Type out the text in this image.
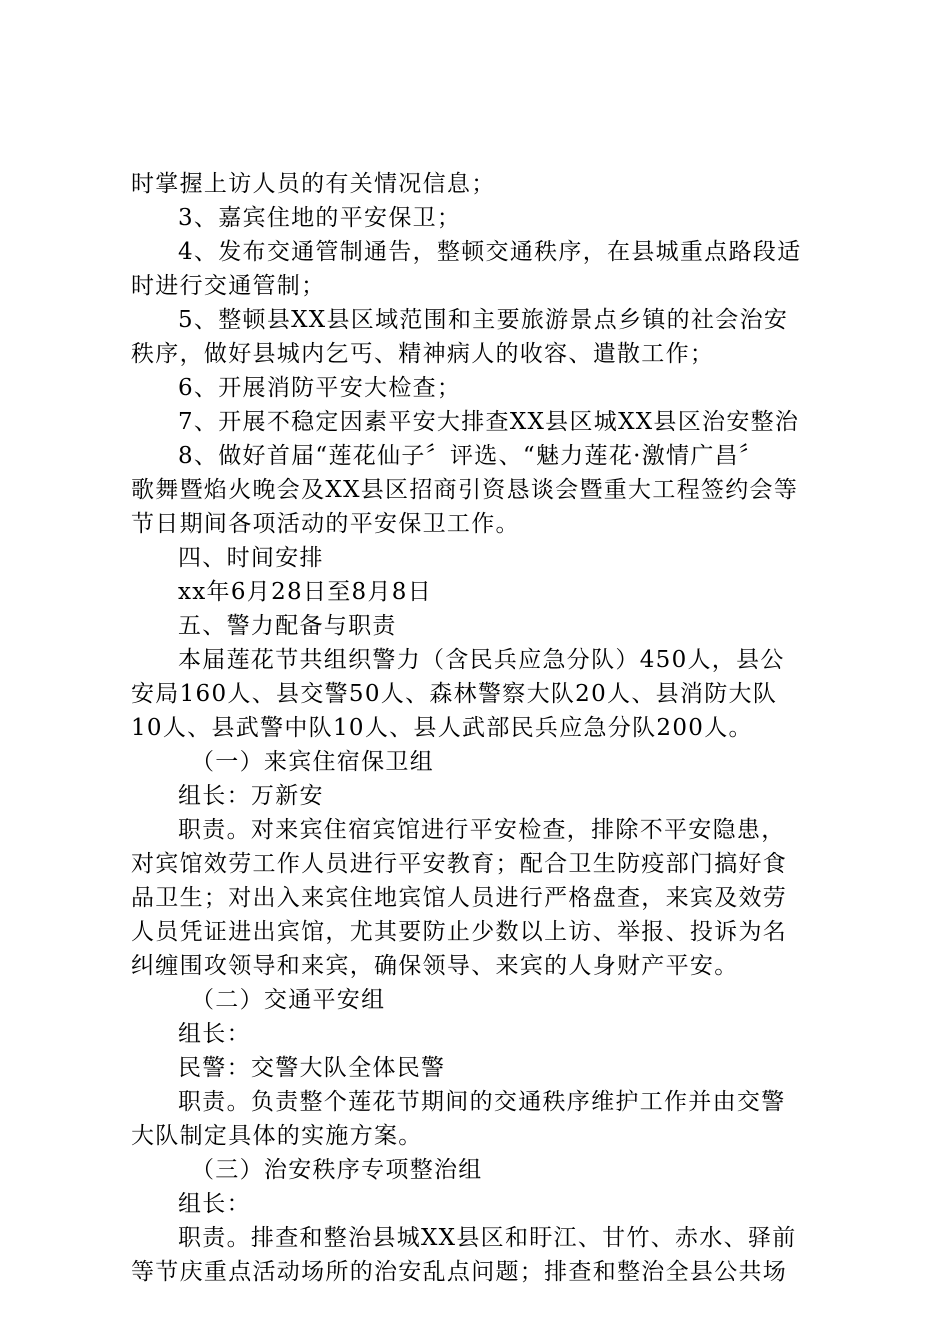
时掌握上访人员的有关情况信息；
3、嘉宾住地的平安保卫；
4、发布交通管制通告，整顿交通秩序，在县城重点路段适
时进行交通管制；
5、整顿县XX县区域范围和主要旅游景点乡镇的社会治安
秩序，做好县城内乞丐、精神病人的收容、遣散工作；
6、开展消防平安大检查；
7、开展不稳定因素平安大排查XX县区城XX县区治安整治
8、做好首届“莲花仙子〞评选、“魅力莲花·激情广昌〞
歌舞暨焰火晚会及XX县区招商引资恳谈会暨重大工程签约会等
节日期间各项活动的平安保卫工作。
四、时间安排
xx年6月28日至8月8日
五、警力配备与职责
本届莲花节共组织警力（含民兵应急分队）450人，县公
安局160人、县交警50人、森林警察大队20人、县消防大队
10人、县武警中队10人、县人武部民兵应急分队200人。
（一）来宾住宿保卫组
组长：万新安
职责。对来宾住宿宾馆进行平安检查，排除不平安隐患，
对宾馆效劳工作人员进行平安教育；配合卫生防疫部门搞好食
品卫生；对出入来宾住地宾馆人员进行严格盘查，来宾及效劳
人员凭证进出宾馆，尤其要防止少数以上访、举报、投诉为名
纠缠围攻领导和来宾，确保领导、来宾的人身财产平安。
（二）交通平安组
组长：
民警：交警大队全体民警
职责。负责整个莲花节期间的交通秩序维护工作并由交警
大队制定具体的实施方案。
（三）治安秩序专项整治组
组长：
职责。排查和整治县城XX县区和盱江、甘竹、赤水、驿前
等节庆重点活动场所的治安乱点问题；排查和整治全县公共场
